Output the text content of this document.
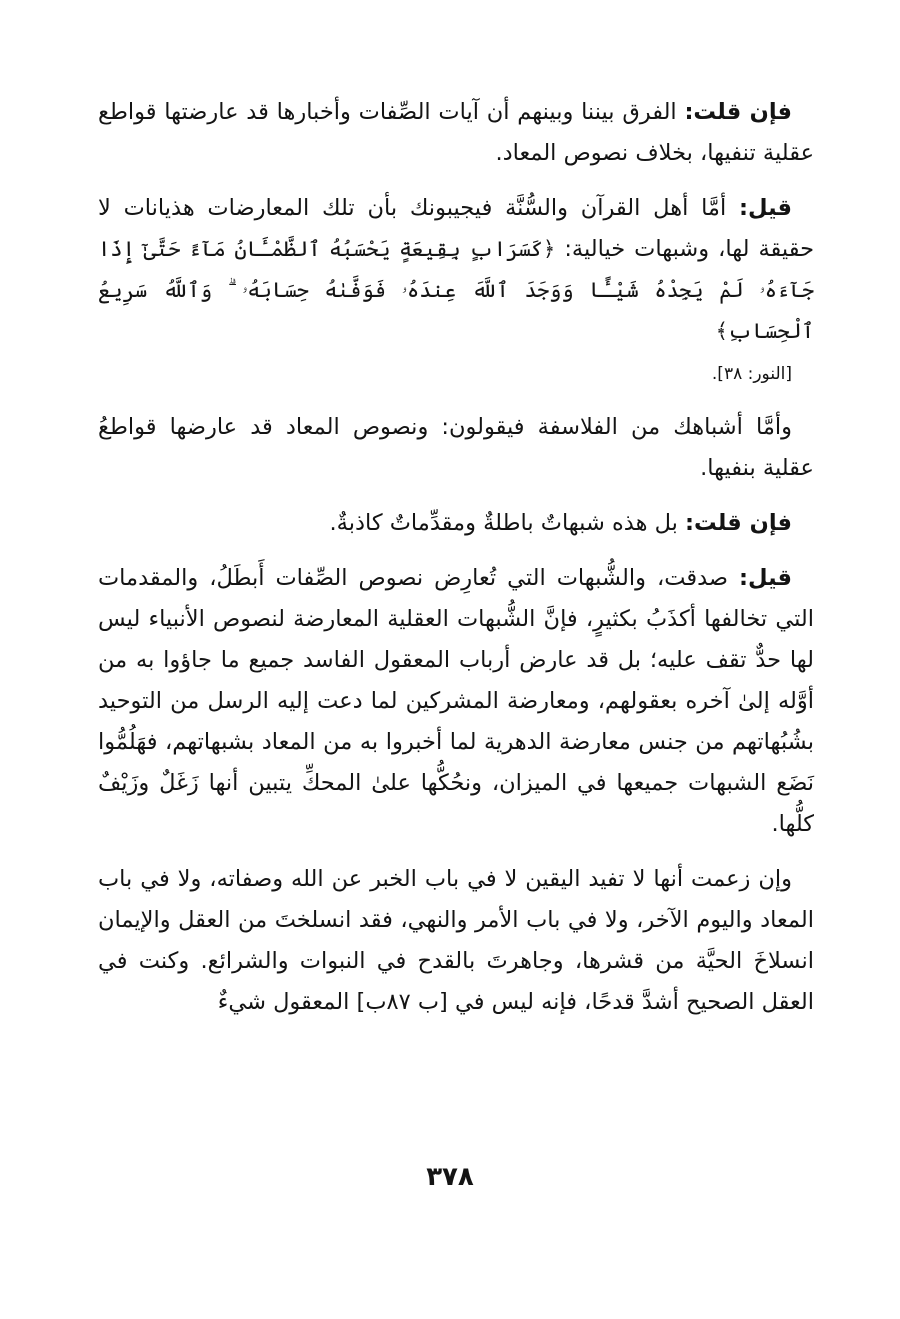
فإن قلت: الفرق بيننا وبينهم أن آيات الصِّفات وأخبارها قد عارضتها قواطع عقلية تنفيها، بخلاف نصوص المعاد.

قيل: أمَّا أهل القرآن والسُّنَّة فيجيبونك بأن تلك المعارضات هذيانات لا حقيقة لها، وشبهات خيالية: ﴿كَسَرَابٍ بِقِيعَةٍ يَحْسَبُهُ ٱلظَّمْـَٔانُ مَآءً حَتَّىٰٓ إِذَا جَآءَهُۥ لَمْ يَجِدْهُ شَيْـًٔا وَوَجَدَ ٱللَّهَ عِندَهُۥ فَوَفَّىٰهُ حِسَابَهُۥ ۗ وَٱللَّهُ سَرِيعُ ٱلْحِسَابِ﴾
[النور: ٣٨].

وأمَّا أشباهك من الفلاسفة فيقولون: ونصوص المعاد قد عارضها قواطعُ عقلية بنفيها.

فإن قلت: بل هذه شبهاتٌ باطلةٌ ومقدِّماتٌ كاذبةٌ.

قيل: صدقت، والشُّبهات التي تُعارِض نصوص الصِّفات أَبطَلُ، والمقدمات التي تخالفها أكذَبُ بكثيرٍ، فإنَّ الشُّبهات العقلية المعارضة لنصوص الأنبياء ليس لها حدٌّ تقف عليه؛ بل قد عارض أرباب المعقول الفاسد جميع ما جاؤوا به من أوَّله إلىٰ آخره بعقولهم، ومعارضة المشركين لما دعت إليه الرسل من التوحيد بشُبُهاتهم من جنس معارضة الدهرية لما أخبروا به من المعاد بشبهاتهم، فهَلُمُّوا نَضَع الشبهات جميعها في الميزان، ونحُكُّها علىٰ المحكِّ يتبين أنها زَغَلٌ وزَيْفٌ كلُّها.

وإن زعمت أنها لا تفيد اليقين لا في باب الخبر عن الله وصفاته، ولا في باب المعاد واليوم الآخر، ولا في باب الأمر والنهي، فقد انسلختَ من العقل والإيمان انسلاخَ الحيَّة من قشرها، وجاهرتَ بالقدح في النبوات والشرائع. وكنت في العقل الصحيح أشدَّ قدحًا، فإنه ليس في [ب ٨٧ب] المعقول شيءٌ

٣٧٨
